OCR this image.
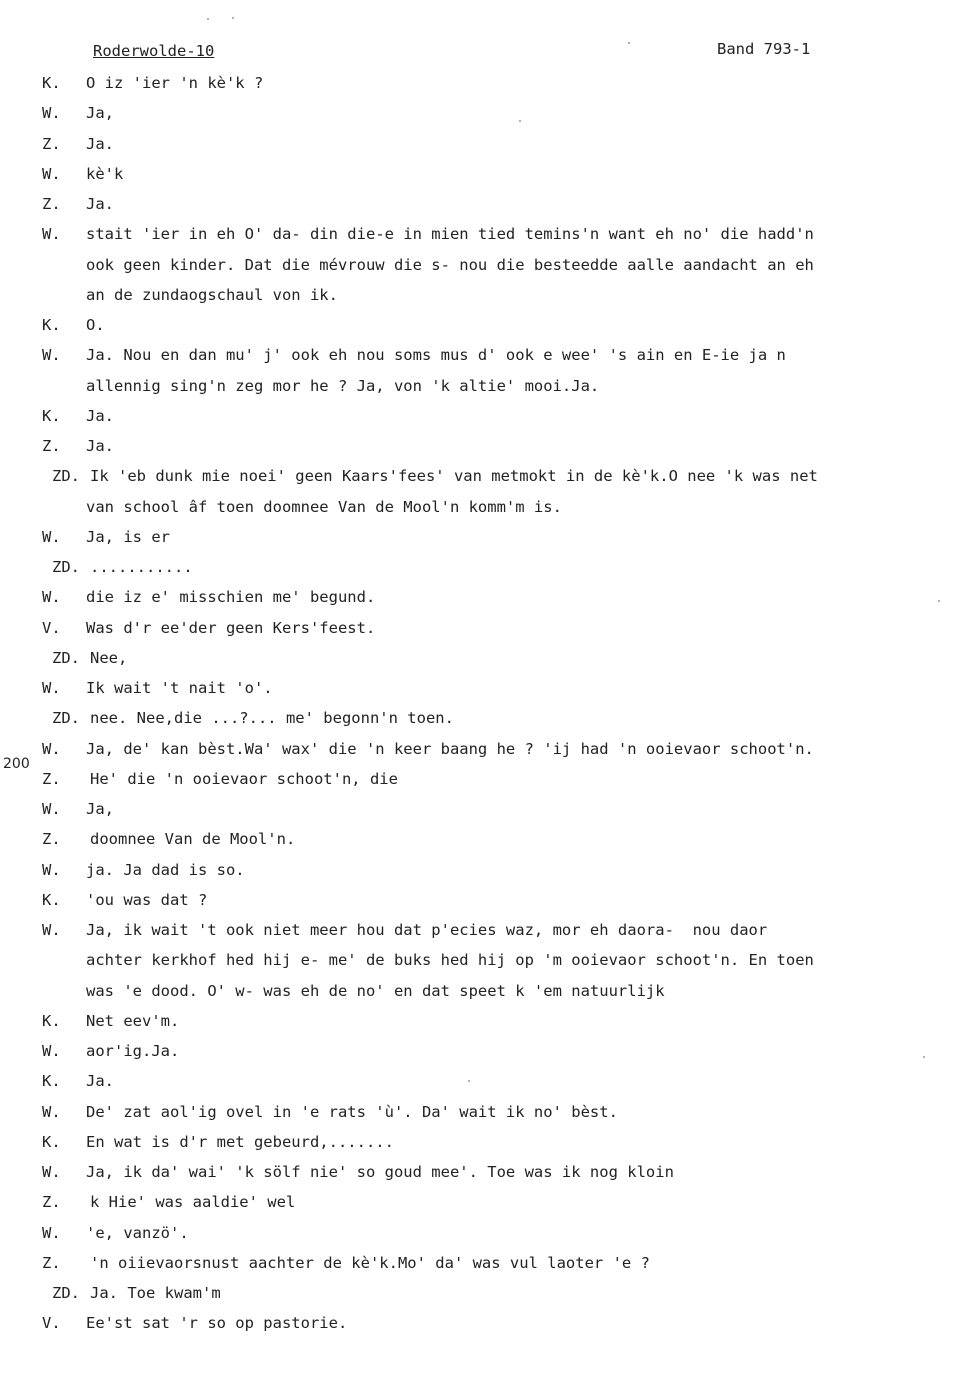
Roderwolde-10	Band 793-1
200
K. O iz 'ier 'n kè'k ?
W. Ja,
Z. Ja.
W. kè'k
Z. Ja.
W. stait 'ier in eh O' da- din die-e in mien tied temins'n want eh no' die hadd'n
ook geen kinder. Dat die mévrouw die s- nou die besteedde aalle aandacht an eh
an de zundaogschaul von ik.
K. O.
W. Ja. Nou en dan mu' j' ook eh nou soms mus d' ook e wee' 's ain en E-ie ja n
allennig sing'n zeg mor he ? Ja, von 'k altie' mooi.Ja.
K. Ja.
Z. Ja.
ZD. Ik 'eb dunk mie noei' geen Kaars'fees' van metmokt in de kè'k.O nee 'k was net
van school âf toen doomnee Van de Mool'n komm'm is.
W. Ja, is er
ZD. ...........
W. die iz e' misschien me' begund.
V. Was d'r ee'der geen Kers'feest.
ZD. Nee,
W. Ik wait 't nait 'o'.
ZD. nee. Nee,die ...?... me' begonn'n toen.
W. Ja, de' kan bèst.Wa' wax' die 'n keer baang he ? 'ij had 'n ooievaor schoot'n.
Z. He' die 'n ooievaor schoot'n, die
W. Ja,
Z. doomnee Van de Mool'n.
W. ja. Ja dad is so.
K. 'ou was dat ?
W. Ja, ik wait 't ook niet meer hou dat p'ecies waz, mor eh daora-  nou daor
achter kerkhof hed hij e- me' de buks hed hij op 'm ooievaor schoot'n. En toen
was 'e dood. O' w- was eh de no' en dat speet k 'em natuurlijk
K. Net eev'm.
W. aor'ig.Ja.
K. Ja.
W. De' zat aol'ig ovel in 'e rats 'ù'. Da' wait ik no' bèst.
K. En wat is d'r met gebeurd,.......
W. Ja, ik da' wai' 'k sölf nie' so goud mee'. Toe was ik nog kloin
Z. k Hie' was aaldie' wel
W. 'e, vanzö'.
Z. 'n oiievaorsnust aachter de kè'k.Mo' da' was vul laoter 'e ?
ZD. Ja. Toe kwam'm
V. Ee'st sat 'r so op pastorie.
